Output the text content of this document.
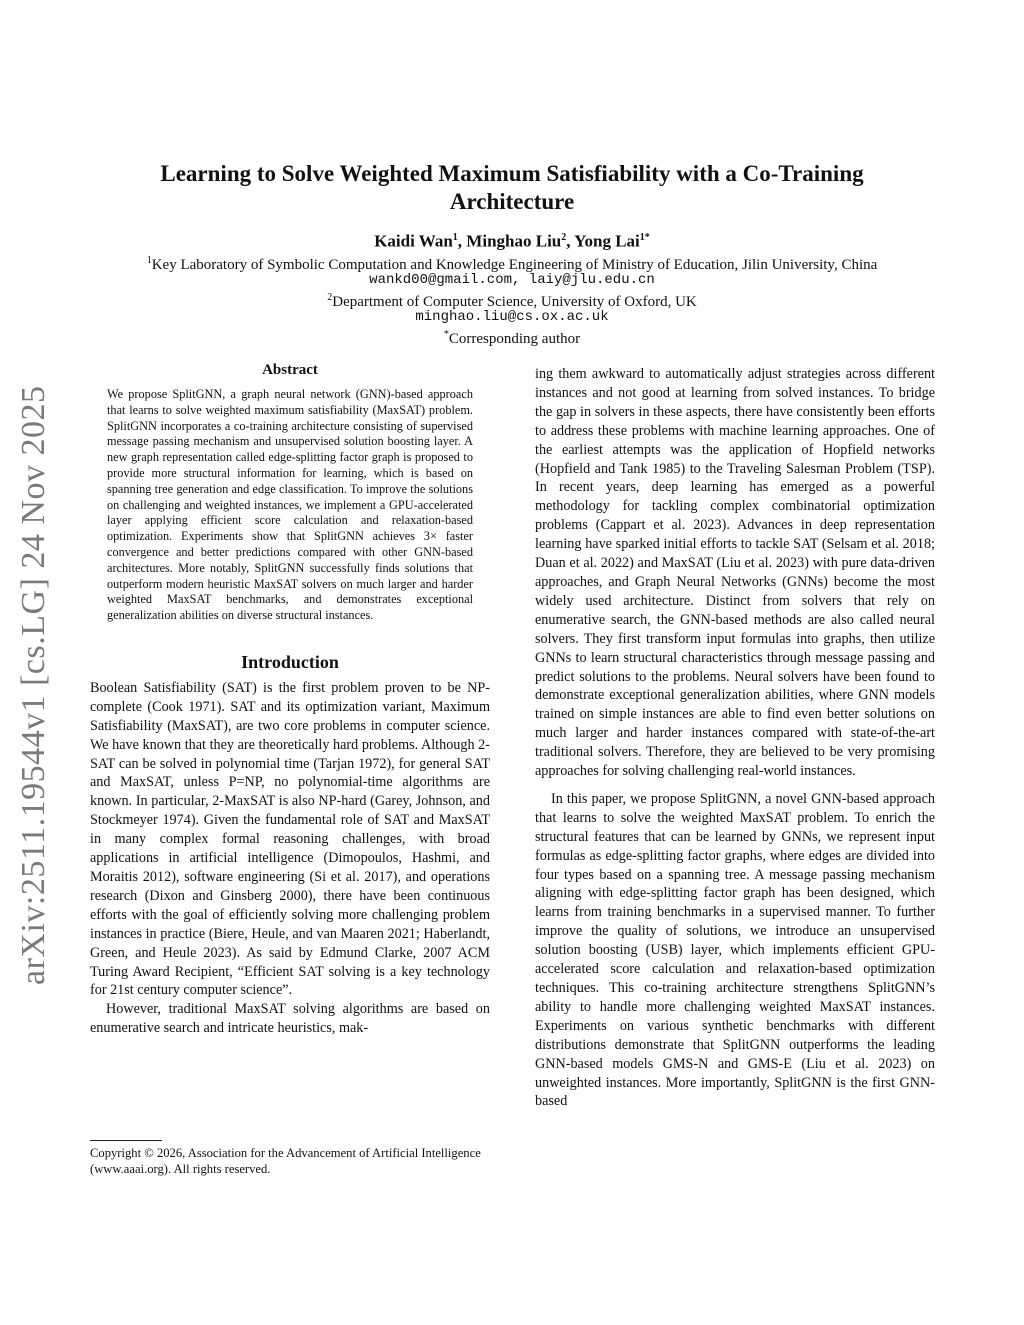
arXiv:2511.19544v1 [cs.LG] 24 Nov 2025
Learning to Solve Weighted Maximum Satisfiability with a Co-Training
Architecture

Kaidi Wan$^1$, Minghao Liu$^2$, Yong Lai$^{1*}$

$^1$Key Laboratory of Symbolic Computation and Knowledge Engineering of Ministry of Education, Jilin University, China

wankd00@gmail.com, laiy@jlu.edu.cn

$^2$Department of Computer Science, University of Oxford, UK

minghao.liu@cs.ox.ac.uk

*Corresponding author

Abstract

We propose SplitGNN, a graph neural network (GNN)-based approach that learns to solve weighted maximum satisfiability (MaxSAT) problem. SplitGNN incorporates a co-training architecture consisting of supervised message passing mechanism and unsupervised solution boosting layer. A new graph representation called edge-splitting factor graph is proposed to provide more structural information for learning, which is based on spanning tree generation and edge classification. To improve the solutions on challenging and weighted instances, we implement a GPU-accelerated layer applying efficient score calculation and relaxation-based optimization. Experiments show that SplitGNN achieves 3× faster convergence and better predictions compared with other GNN-based architectures. More notably, SplitGNN successfully finds solutions that outperform modern heuristic MaxSAT solvers on much larger and harder weighted MaxSAT benchmarks, and demonstrates exceptional generalization abilities on diverse structural instances.

Introduction

Boolean Satisfiability (SAT) is the first problem proven to be NP-complete (Cook 1971). SAT and its optimization variant, Maximum Satisfiability (MaxSAT), are two core problems in computer science. We have known that they are theoretically hard problems. Although 2-SAT can be solved in polynomial time (Tarjan 1972), for general SAT and MaxSAT, unless P=NP, no polynomial-time algorithms are known. In particular, 2-MaxSAT is also NP-hard (Garey, Johnson, and Stockmeyer 1974). Given the fundamental role of SAT and MaxSAT in many complex formal reasoning challenges, with broad applications in artificial intelligence (Dimopoulos, Hashmi, and Moraitis 2012), software engineering (Si et al. 2017), and operations research (Dixon and Ginsberg 2000), there have been continuous efforts with the goal of efficiently solving more challenging problem instances in practice (Biere, Heule, and van Maaren 2021; Haberlandt, Green, and Heule 2023). As said by Edmund Clarke, 2007 ACM Turing Award Recipient, “Efficient SAT solving is a key technology for 21st century computer science”.

However, traditional MaxSAT solving algorithms are based on enumerative search and intricate heuristics, mak-

Copyright © 2026, Association for the Advancement of Artificial Intelligence (www.aaai.org). All rights reserved.

ing them awkward to automatically adjust strategies across different instances and not good at learning from solved instances. To bridge the gap in solvers in these aspects, there have consistently been efforts to address these problems with machine learning approaches. One of the earliest attempts was the application of Hopfield networks (Hopfield and Tank 1985) to the Traveling Salesman Problem (TSP). In recent years, deep learning has emerged as a powerful methodology for tackling complex combinatorial optimization problems (Cappart et al. 2023). Advances in deep representation learning have sparked initial efforts to tackle SAT (Selsam et al. 2018; Duan et al. 2022) and MaxSAT (Liu et al. 2023) with pure data-driven approaches, and Graph Neural Networks (GNNs) become the most widely used architecture. Distinct from solvers that rely on enumerative search, the GNN-based methods are also called neural solvers. They first transform input formulas into graphs, then utilize GNNs to learn structural characteristics through message passing and predict solutions to the problems. Neural solvers have been found to demonstrate exceptional generalization abilities, where GNN models trained on simple instances are able to find even better solutions on much larger and harder instances compared with state-of-the-art traditional solvers. Therefore, they are believed to be very promising approaches for solving challenging real-world instances.

In this paper, we propose SplitGNN, a novel GNN-based approach that learns to solve the weighted MaxSAT problem. To enrich the structural features that can be learned by GNNs, we represent input formulas as edge-splitting factor graphs, where edges are divided into four types based on a spanning tree. A message passing mechanism aligning with edge-splitting factor graph has been designed, which learns from training benchmarks in a supervised manner. To further improve the quality of solutions, we introduce an unsupervised solution boosting (USB) layer, which implements efficient GPU-accelerated score calculation and relaxation-based optimization techniques. This co-training architecture strengthens SplitGNN’s ability to handle more challenging weighted MaxSAT instances. Experiments on various synthetic benchmarks with different distributions demonstrate that SplitGNN outperforms the leading GNN-based models GMS-N and GMS-E (Liu et al. 2023) on unweighted instances. More importantly, SplitGNN is the first GNN-based
